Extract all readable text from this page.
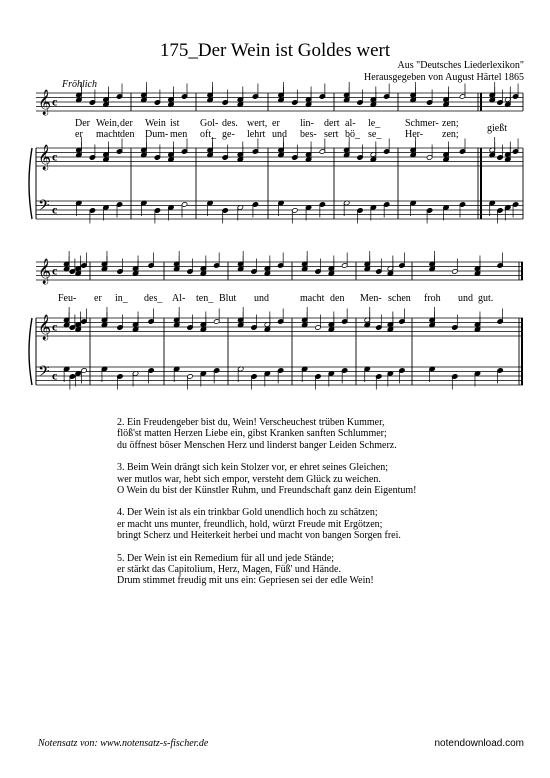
175_Der Wein ist Goldes wert
Aus "Deutsches Liederlexikon"
Herausgegeben von August Härtel 1865
Fröhlich
𝄞 c
𝄞 c
𝄢 c
𝄞 c
𝄞 c
𝄢 c
Der Wein, der Wein ist Gol- des. wert, er lin- dert al- le_ Schmer- zen;
er macht den Dum- men oft_ ge- lehrt und bes- sert bö_ se_ Her- zen;
gießt
Feu- er in_ des_ Al- ten_ Blut und	macht den Men- schen froh und gut.
2. Ein Freudengeber bist du, Wein! Verscheuchest trüben Kummer,
flöß'st matten Herzen Liebe ein, gibst Kranken sanften Schlummer;
du öffnest böser Menschen Herz und linderst banger Leiden Schmerz.
3. Beim Wein drängt sich kein Stolzer vor, er ehret seines Gleichen;
wer mutlos war, hebt sich empor, versteht dem Glück zu weichen.
O Wein du bist der Künstler Ruhm, und Freundschaft ganz dein Eigentum!
4. Der Wein ist als ein trinkbar Gold unendlich hoch zu schätzen;
er macht uns munter, freundlich, hold, würzt Freude mit Ergötzen;
bringt Scherz und Heiterkeit herbei und macht von bangen Sorgen frei.
5. Der Wein ist ein Remedium für all und jede Stände;
er stärkt das Capitolium, Herz, Magen, Füß' und Hände.
Drum stimmet freudig mit uns ein: Gepriesen sei der edle Wein!
Notensatz von: www.notensatz-s-fischer.de	notendownload.com
